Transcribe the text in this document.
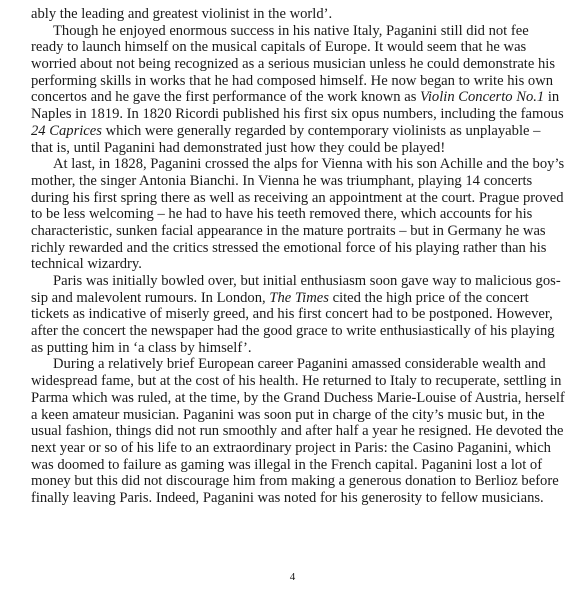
ably the leading and greatest violinist in the world’.
Though he enjoyed enormous success in his native Italy, Paganini still did not fee
ready to launch himself on the musical capitals of Europe. It would seem that he was
worried about not being recognized as a serious musician unless he could demonstrate his
performing skills in works that he had composed himself. He now began to write his own
concertos and he gave the first performance of the work known as Violin Concerto No.1 in
Naples in 1819. In 1820 Ricordi published his first six opus numbers, including the famous
24 Caprices which were generally regarded by contemporary violinists as unplayable –
that is, until Paganini had demonstrated just how they could be played!
At last, in 1828, Paganini crossed the alps for Vienna with his son Achille and the boy’s
mother, the singer Antonia Bianchi. In Vienna he was triumphant, playing 14 concerts
during his first spring there as well as receiving an appointment at the court. Prague proved
to be less welcoming – he had to have his teeth removed there, which accounts for his
characteristic, sunken facial appearance in the mature portraits – but in Germany he was
richly rewarded and the critics stressed the emotional force of his playing rather than his
technical wizardry.
Paris was initially bowled over, but initial enthusiasm soon gave way to malicious gos-
sip and malevolent rumours. In London, The Times cited the high price of the concert
tickets as indicative of miserly greed, and his first concert had to be postponed. However,
after the concert the newspaper had the good grace to write enthusiastically of his playing
as putting him in ‘a class by himself’.
During a relatively brief European career Paganini amassed considerable wealth and
widespread fame, but at the cost of his health. He returned to Italy to recuperate, settling in
Parma which was ruled, at the time, by the Grand Duchess Marie-Louise of Austria, herself
a keen amateur musician. Paganini was soon put in charge of the city’s music but, in the
usual fashion, things did not run smoothly and after half a year he resigned. He devoted the
next year or so of his life to an extraordinary project in Paris: the Casino Paganini, which
was doomed to failure as gaming was illegal in the French capital. Paganini lost a lot of
money but this did not discourage him from making a generous donation to Berlioz before
finally leaving Paris. Indeed, Paganini was noted for his generosity to fellow musicians.
4
